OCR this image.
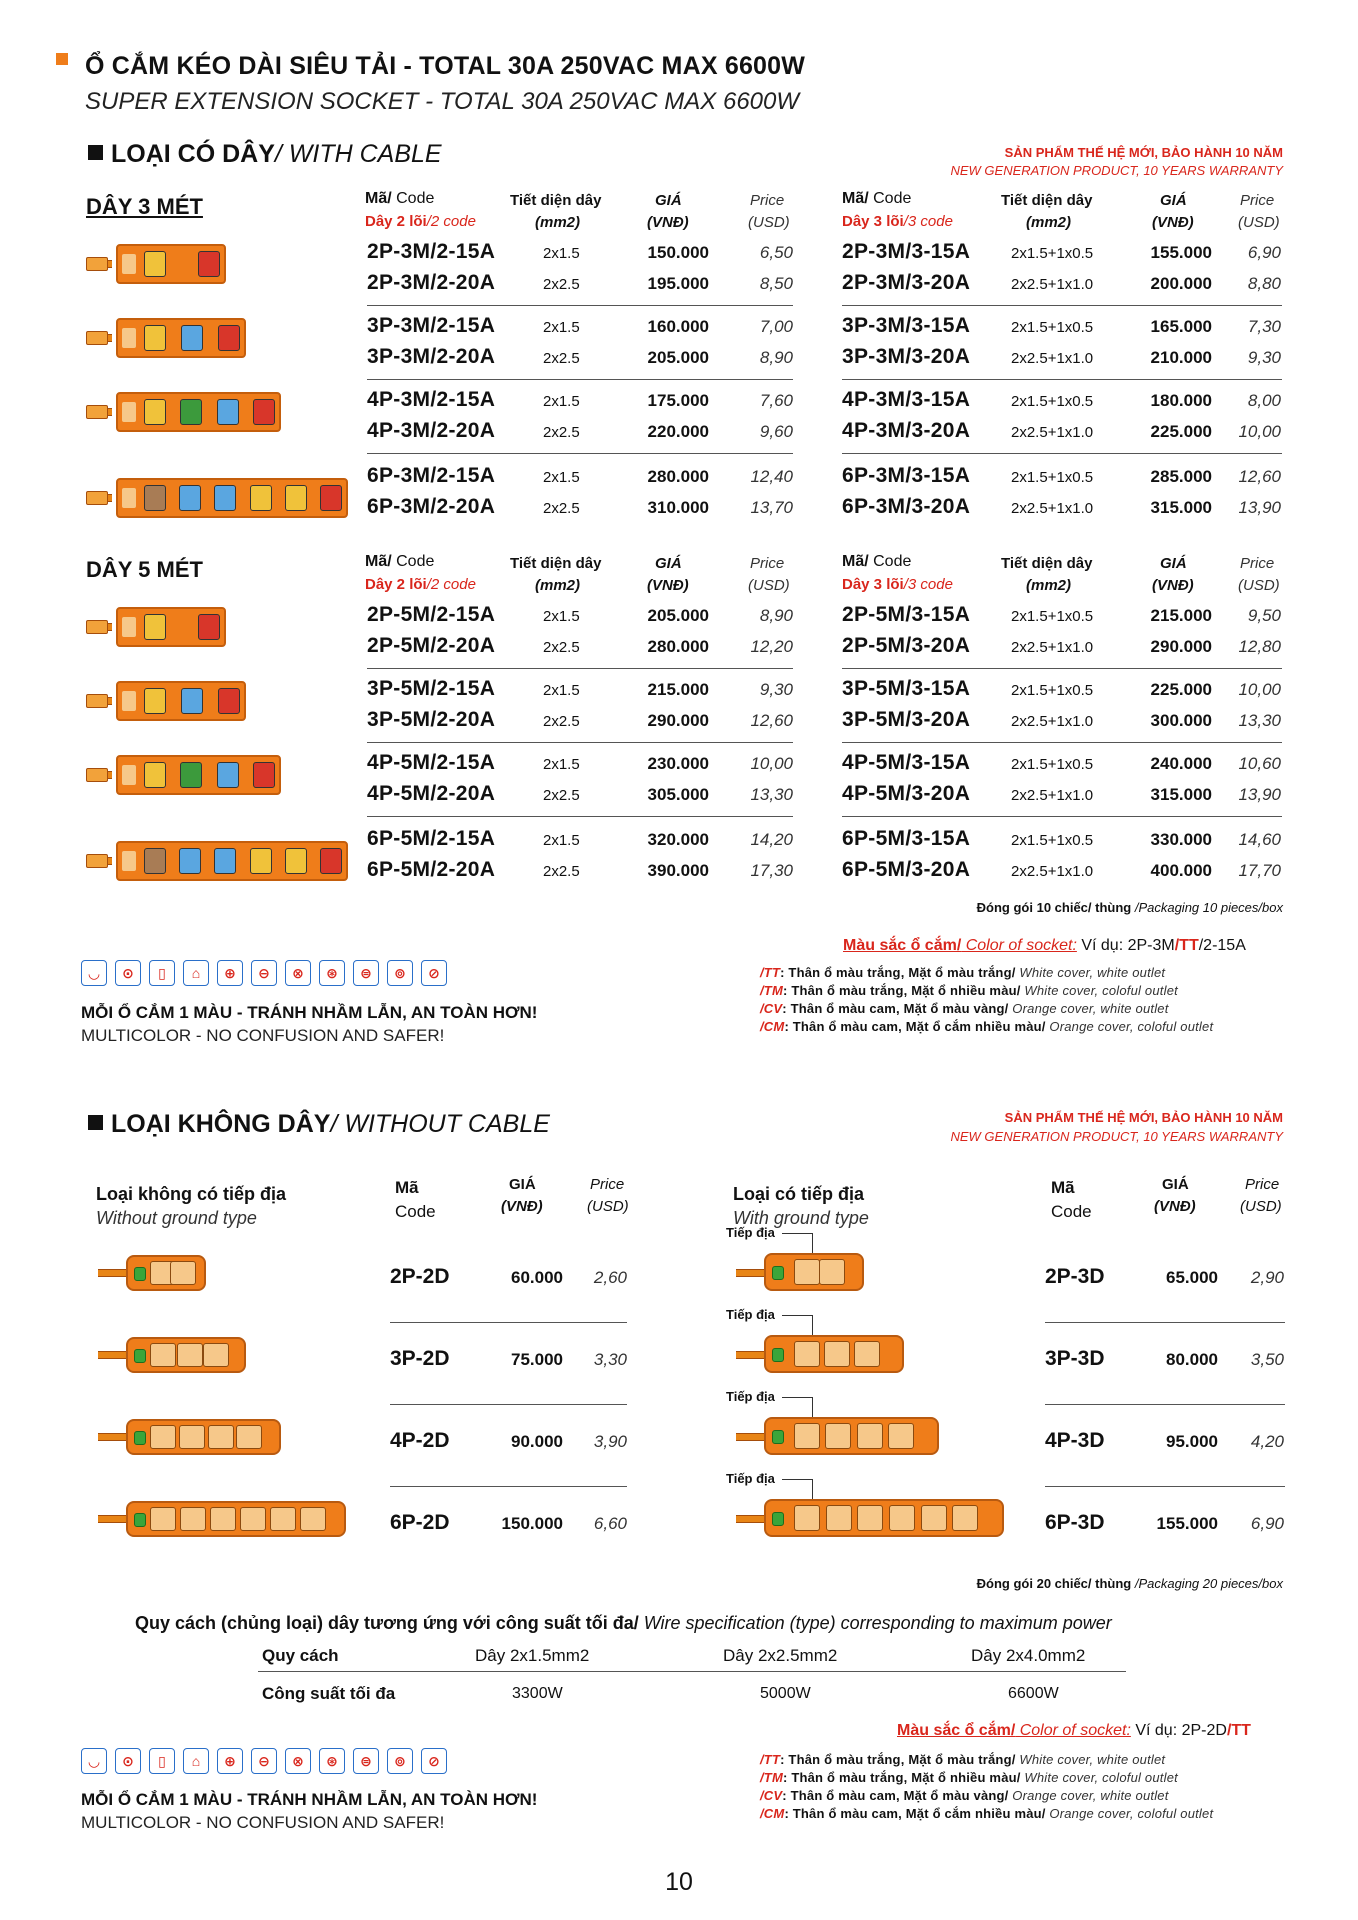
Ổ CẮM KÉO DÀI SIÊU TẢI - TOTAL 30A 250VAC MAX 6600W
SUPER EXTENSION SOCKET - TOTAL 30A 250VAC MAX 6600W
LOẠI CÓ DÂY/ WITH CABLE	SẢN PHẨM THẾ HỆ MỚI, BẢO HÀNH 10 NĂM
NEW GENERATION PRODUCT, 10 YEARS WARRANTY
DÂY 3 MÉT	Mã/ Code
Dây 2 lõi/2 code
Tiết diện dây
(mm2)
GIÁ
(VNĐ)
Price
(USD)
Mã/ Code
Dây 3 lõi/3 code
Tiết diện dây
(mm2)
GIÁ
(VNĐ)
Price
(USD)
2P-3M/2-15A	2x1.5	150.000	6,50 2P-3M/3-15A	2x1.5+1x0.5	155.000	6,90
2P-3M/2-20A	2x2.5	195.000	8,50 2P-3M/3-20A	2x2.5+1x1.0	200.000	8,80
3P-3M/2-15A	2x1.5	160.000	7,00 3P-3M/3-15A	2x1.5+1x0.5	165.000	7,30
3P-3M/2-20A	2x2.5	205.000	8,90 3P-3M/3-20A	2x2.5+1x1.0	210.000	9,30
4P-3M/2-15A	2x1.5	175.000	7,60 4P-3M/3-15A	2x1.5+1x0.5	180.000	8,00
4P-3M/2-20A	2x2.5	220.000	9,60 4P-3M/3-20A	2x2.5+1x1.0	225.000	10,00
6P-3M/2-15A	2x1.5	280.000	12,40 6P-3M/3-15A	2x1.5+1x0.5	285.000	12,60
6P-3M/2-20A	2x2.5	310.000	13,70 6P-3M/3-20A	2x2.5+1x1.0	315.000	13,90
DÂY 5 MÉT	Mã/ Code
Dây 2 lõi/2 code
Tiết diện dây
(mm2)
GIÁ
(VNĐ)
Price
(USD)
Mã/ Code
Dây 3 lõi/3 code
Tiết diện dây
(mm2)
GIÁ
(VNĐ)
Price
(USD)
2P-5M/2-15A	2x1.5	205.000	8,90 2P-5M/3-15A	2x1.5+1x0.5	215.000	9,50
2P-5M/2-20A	2x2.5	280.000	12,20 2P-5M/3-20A	2x2.5+1x1.0	290.000	12,80
3P-5M/2-15A	2x1.5	215.000	9,30 3P-5M/3-15A	2x1.5+1x0.5	225.000	10,00
3P-5M/2-20A	2x2.5	290.000	12,60 3P-5M/3-20A	2x2.5+1x1.0	300.000	13,30
4P-5M/2-15A	2x1.5	230.000	10,00 4P-5M/3-15A	2x1.5+1x0.5	240.000	10,60
4P-5M/2-20A	2x2.5	305.000	13,30 4P-5M/3-20A	2x2.5+1x1.0	315.000	13,90
6P-5M/2-15A	2x1.5	320.000	14,20 6P-5M/3-15A	2x1.5+1x0.5	330.000	14,60
6P-5M/2-20A	2x2.5	390.000	17,30 6P-5M/3-20A	2x2.5+1x1.0	400.000	17,70
Đóng gói 10 chiếc/ thùng /Packaging 10 pieces/box
Màu sắc ổ cắm/ Color of socket: Ví dụ: 2P-3M/TT/2-15A
◡ ⊙ ▯ ⌂ ⊕ ⊖ ⊗ ⊛ ⊜ ⊚ ⊘
MỖI Ổ CẮM 1 MÀU - TRÁNH NHẦM LẪN, AN TOÀN HƠN!
MULTICOLOR - NO CONFUSION AND SAFER!
/TT: Thân ổ màu trắng, Mặt ổ màu trắng/ White cover, white outlet
/TM: Thân ổ màu trắng, Mặt ổ nhiều màu/ White cover, coloful outlet
/CV: Thân ổ màu cam, Mặt ổ màu vàng/ Orange cover, white outlet
/CM: Thân ổ màu cam, Mặt ổ cắm nhiều màu/ Orange cover, coloful outlet
LOẠI KHÔNG DÂY/ WITHOUT CABLE	SẢN PHẨM THẾ HỆ MỚI, BẢO HÀNH 10 NĂM
NEW GENERATION PRODUCT, 10 YEARS WARRANTY
Loại không có tiếp địa
Without ground type
Loại có tiếp địa
With ground type
Mã
Code
GIÁ
(VNĐ)
Price
(USD)
Mã
Code
GIÁ
(VNĐ)
Price
(USD)
2P-2D	60.000	2,60	2P-3D	65.000	2,90
Tiếp địa
3P-2D	75.000	3,30	3P-3D	80.000	3,50
Tiếp địa
4P-2D	90.000	3,90	4P-3D	95.000	4,20
Tiếp địa
6P-2D	150.000	6,60	6P-3D	155.000	6,90
Tiếp địa
Đóng gói 20 chiếc/ thùng /Packaging 20 pieces/box
Quy cách (chủng loại) dây tương ứng với công suất tối đa/ Wire specification (type) corresponding to maximum power
Quy cách	Dây 2x1.5mm2	Dây 2x2.5mm2	Dây 2x4.0mm2
Công suất tối đa	3300W	5000W	6600W
Màu sắc ổ cắm/ Color of socket: Ví dụ: 2P-2D/TT
◡ ⊙ ▯ ⌂ ⊕ ⊖ ⊗ ⊛ ⊜ ⊚ ⊘
MỖI Ổ CẮM 1 MÀU - TRÁNH NHẦM LẪN, AN TOÀN HƠN!
MULTICOLOR - NO CONFUSION AND SAFER!
/TT: Thân ổ màu trắng, Mặt ổ màu trắng/ White cover, white outlet
/TM: Thân ổ màu trắng, Mặt ổ nhiều màu/ White cover, coloful outlet
/CV: Thân ổ màu cam, Mặt ổ màu vàng/ Orange cover, white outlet
/CM: Thân ổ màu cam, Mặt ổ cắm nhiều màu/ Orange cover, coloful outlet
10
